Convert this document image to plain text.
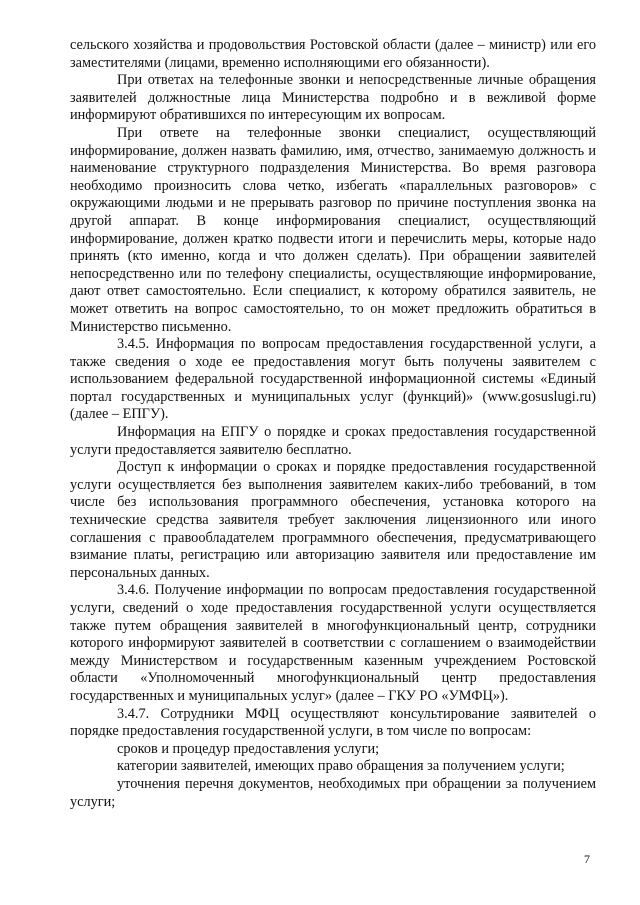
сельского хозяйства и продовольствия Ростовской области (далее – министр) или его заместителями (лицами, временно исполняющими его обязанности).

При ответах на телефонные звонки и непосредственные личные обращения заявителей должностные лица Министерства подробно и в вежливой форме информируют обратившихся по интересующим их вопросам.

При ответе на телефонные звонки специалист, осуществляющий информирование, должен назвать фамилию, имя, отчество, занимаемую должность и наименование структурного подразделения Министерства. Во время разговора необходимо произносить слова четко, избегать «параллельных разговоров» с окружающими людьми и не прерывать разговор по причине поступления звонка на другой аппарат. В конце информирования специалист, осуществляющий информирование, должен кратко подвести итоги и перечислить меры, которые надо принять (кто именно, когда и что должен сделать). При обращении заявителей непосредственно или по телефону специалисты, осуществляющие информирование, дают ответ самостоятельно. Если специалист, к которому обратился заявитель, не может ответить на вопрос самостоятельно, то он может предложить обратиться в Министерство письменно.

3.4.5. Информация по вопросам предоставления государственной услуги, а также сведения о ходе ее предоставления могут быть получены заявителем с использованием федеральной государственной информационной системы «Единый портал государственных и муниципальных услуг (функций)» (www.gosuslugi.ru) (далее – ЕПГУ).

Информация на ЕПГУ о порядке и сроках предоставления государственной услуги предоставляется заявителю бесплатно.

Доступ к информации о сроках и порядке предоставления государственной услуги осуществляется без выполнения заявителем каких-либо требований, в том числе без использования программного обеспечения, установка которого на технические средства заявителя требует заключения лицензионного или иного соглашения с правообладателем программного обеспечения, предусматривающего взимание платы, регистрацию или авторизацию заявителя или предоставление им персональных данных.

3.4.6. Получение информации по вопросам предоставления государственной услуги, сведений о ходе предоставления государственной услуги осуществляется также путем обращения заявителей в многофункциональный центр, сотрудники которого информируют заявителей в соответствии с соглашением о взаимодействии между Министерством и государственным казенным учреждением Ростовской области «Уполномоченный многофункциональный центр предоставления государственных и муниципальных услуг» (далее – ГКУ РО «УМФЦ»).

3.4.7. Сотрудники МФЦ осуществляют консультирование заявителей о порядке предоставления государственной услуги, в том числе по вопросам:

сроков и процедур предоставления услуги;

категории заявителей, имеющих право обращения за получением услуги;

уточнения перечня документов, необходимых при обращении за получением услуги;

7
